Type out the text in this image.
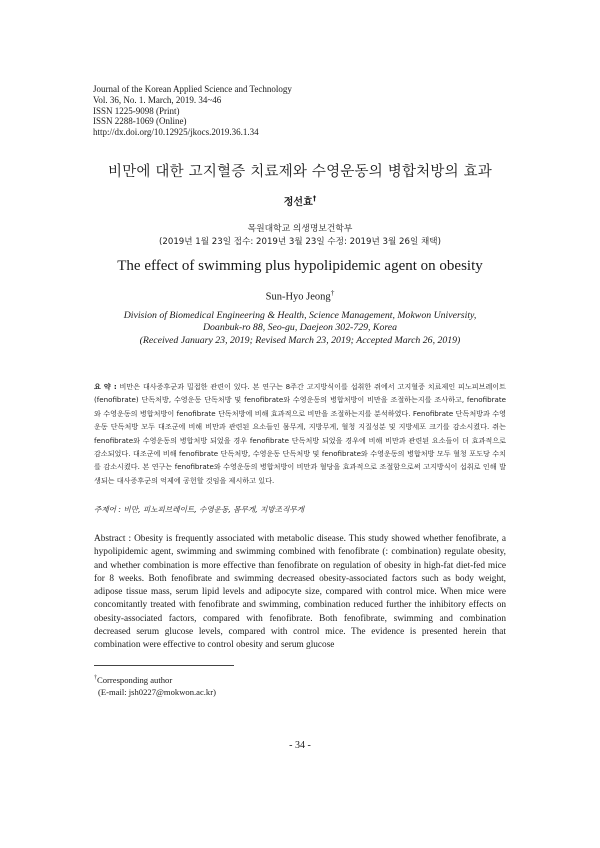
Journal of the Korean Applied Science and Technology
Vol. 36, No. 1. March, 2019. 34~46
ISSN 1225-9098 (Print)
ISSN 2288-1069 (Online)
http://dx.doi.org/10.12925/jkocs.2019.36.1.34
비만에 대한 고지혈증 치료제와 수영운동의 병합처방의 효과
정선효†
목원대학교 의생명보건학부
(2019년 1월 23일 접수: 2019년 3월 23일 수정: 2019년 3월 26일 채택)
The effect of swimming plus hypolipidemic agent on obesity
Sun-Hyo Jeong†
Division of Biomedical Engineering & Health, Science Management, Mokwon University,
Doanbuk-ro 88, Seo-gu, Daejeon 302-729, Korea
(Received January 23, 2019; Revised March 23, 2019; Accepted March 26, 2019)
요 약 : 비만은 대사증후군과 밀접한 관련이 있다. 본 연구는 8주간 고지방식이를 섭취한 쥐에서 고지혈증 치료제인 피노피브레이트(fenofibrate) 단독처방, 수영운동 단독처방 및 fenofibrate와 수영운동의 병합처방이 비만을 조절하는지를 조사하고, fenofibrate와 수영운동의 병합처방이 fenofibrate 단독처방에 비해 효과적으로 비만을 조절하는지를 분석하였다. Fenofibrate 단독처방과 수영운동 단독처방 모두 대조군에 비해 비만과 관련된 요소들인 몸무게, 지방무게, 혈청 지질성분 및 지방세포 크기를 감소시켰다. 쥐는 fenofibrate와 수영운동의 병합처방 되었을 경우 fenofibrate 단독처방 되었을 경우에 비해 비만과 관련된 요소들이 더 효과적으로 감소되었다. 대조군에 비해 fenofibrate 단독처방, 수영운동 단독처방 및 fenofibrate와 수영운동의 병합처방 모두 혈청 포도당 수치를 감소시켰다. 본 연구는 fenofibrate와 수영운동의 병합처방이 비만과 혈당을 효과적으로 조절함으로써 고지방식이 섭취로 인해 발생되는 대사증후군의 억제에 공헌할 것임을 제시하고 있다.
주제어 : 비만, 피노피브레이트, 수영운동, 몸무게, 지방조직무게
Abstract : Obesity is frequently associated with metabolic disease. This study showed whether fenofibrate, a hypolipidemic agent, swimming and swimming combined with fenofibrate (: combination) regulate obesity, and whether combination is more effective than fenofibrate on regulation of obesity in high-fat diet-fed mice for 8 weeks. Both fenofibrate and swimming decreased obesity-associated factors such as body weight, adipose tissue mass, serum lipid levels and adipocyte size, compared with control mice. When mice were concomitantly treated with fenofibrate and swimming, combination reduced further the inhibitory effects on obesity-associated factors, compared with fenofibrate. Both fenofibrate, swimming and combination decreased serum glucose levels, compared with control mice. The evidence is presented herein that combination were effective to control obesity and serum glucose
†Corresponding author
(E-mail: jsh0227@mokwon.ac.kr)
- 34 -
